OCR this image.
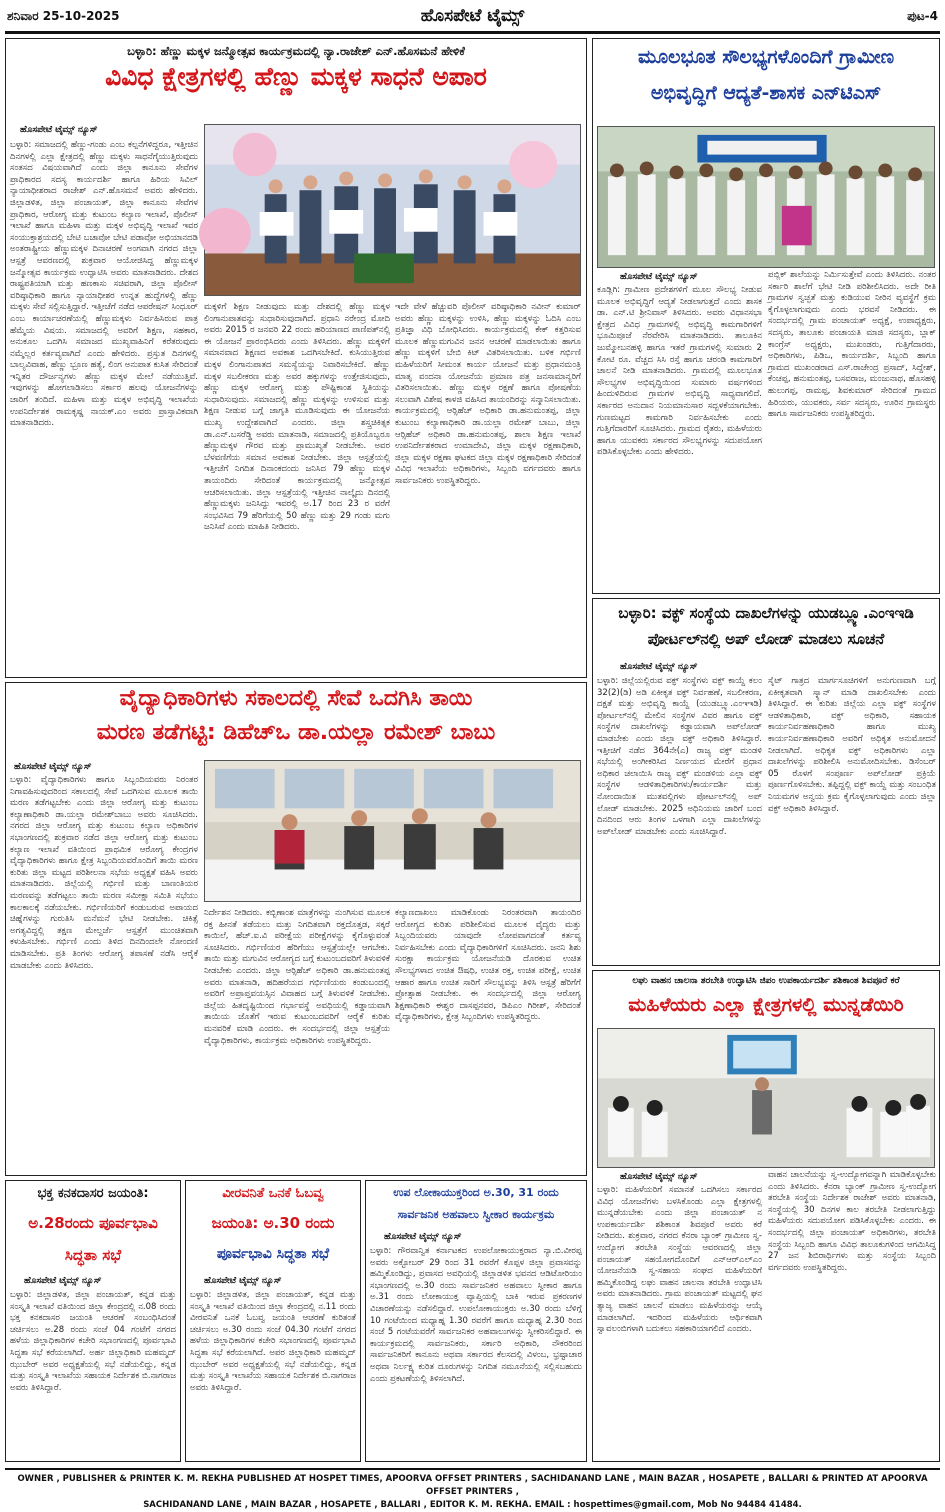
ಶನಿವಾರ 25-10-2025	ಹೊಸಪೇಟೆ ಟೈಮ್ಸ್	ಪುಟ-4
ಬಳ್ಳಾರಿ: ಹೆಣ್ಣು ಮಕ್ಕಳ ಜನ್ಮೋತ್ಸವ ಕಾರ್ಯಕ್ರಮದಲ್ಲಿ ನ್ಯಾ.ರಾಜೇಶ್ ಎನ್.ಹೊಸಮನೆ ಹೇಳಿಕೆ
ವಿವಿಧ ಕ್ಷೇತ್ರಗಳಲ್ಲಿ ಹೆಣ್ಣು ಮಕ್ಕಳ ಸಾಧನೆ ಅಪಾರ
ಹೊಸಪೇಟೆ ಟೈಮ್ಸ್ ನ್ಯೂಸ್
ಬಳ್ಳಾರಿ: ಸಮಾಜದಲ್ಲಿ ಹೆಣ್ಣು-ಗಂಡು ಎಂಬ ಕಲ್ಪನೆಗಳಿದ್ದರೂ, ಇತ್ತೀಚಿನ ದಿನಗಳಲ್ಲಿ ಎಲ್ಲಾ ಕ್ಷೇತ್ರದಲ್ಲಿ ಹೆಣ್ಣು ಮಕ್ಕಳು ಸಾಧನೆಗೈಯುತ್ತಿರುವುದು ಸಂತಸದ ವಿಷಯವಾಗಿದೆ ಎಂದು ಜಿಲ್ಲಾ ಕಾನೂನು ಸೇವೆಗಳ ಪ್ರಾಧಿಕಾರದ ಸದಸ್ಯ ಕಾರ್ಯದರ್ಶಿ ಹಾಗೂ ಹಿರಿಯ ಸಿವಿಲ್ ನ್ಯಾಯಾಧೀಶರಾದ ರಾಜೇಶ್ ಎನ್.ಹೊಸಮನೆ ಅವರು ಹೇಳಿದರು. ಜಿಲ್ಲಾಡಳಿತ, ಜಿಲ್ಲಾ ಪಂಚಾಯತ್, ಜಿಲ್ಲಾ ಕಾನೂನು ಸೇವೆಗಳ ಪ್ರಾಧಿಕಾರ, ಆರೋಗ್ಯ ಮತ್ತು ಕುಟುಂಬ ಕಲ್ಯಾಣ ಇಲಾಖೆ, ಪೊಲೀಸ್ ಇಲಾಖೆ ಹಾಗೂ ಮಹಿಳಾ ಮತ್ತು ಮಕ್ಕಳ ಅಭಿವೃದ್ಧಿ ಇಲಾಖೆ ಇವರ ಸಂಯುಕ್ತಾಶ್ರಯದಲ್ಲಿ ಬೇಟಿ ಬಚಾವೋ ಬೇಟಿ ಪಡಾವೋ ಅಭಿಯಾನದಡಿ ಅಂತರಾಷ್ಟ್ರೀಯ ಹೆಣ್ಣುಮಕ್ಕಳ ದಿನಾಚರಣೆ ಅಂಗವಾಗಿ ನಗರದ ಜಿಲ್ಲಾ ಆಸ್ಪತ್ರೆ ಆವರಣದಲ್ಲಿ ಶುಕ್ರವಾರ ಆಯೋಜಿಸಿದ್ದ ಹೆಣ್ಣುಮಕ್ಕಳ ಜನ್ಮೋತ್ಸವ ಕಾರ್ಯಕ್ರಮ ಉದ್ಘಾಟಿಸಿ ಅವರು ಮಾತನಾಡಿದರು. ದೇಶದ ರಾಷ್ಟ್ರಪತಿಯಾಗಿ ಮತ್ತು ಹಣಕಾಸು ಸಚಿವರಾಗಿ, ಜಿಲ್ಲಾ ಪೊಲೀಸ್ ವರಿಷ್ಠಾಧಿಕಾರಿ ಹಾಗೂ ನ್ಯಾಯಾಧೀಶರ ಉನ್ನತ ಹುದ್ದೆಗಳಲ್ಲಿ ಹೆಣ್ಣು ಮಕ್ಕಳು ಸೇವೆ ಸಲ್ಲಿಸುತ್ತಿದ್ದಾರೆ. ಇತ್ತೀಚೆಗೆ ನಡೆದ ಆಪರೇಷನ್ ಸಿಂಧೂರ್ ಎಂಬ ಕಾರ್ಯಾಚರಣೆಯಲ್ಲಿ ಹೆಣ್ಣುಮಕ್ಕಳು ನಿರ್ವಹಿಸಿರುವ ಪಾತ್ರ ಹೆಮ್ಮೆಯ ವಿಷಯ. ಸಮಾಜದಲ್ಲಿ ಅವರಿಗೆ ಶಿಕ್ಷಣ, ಸಹಕಾರ, ಅನುಕೂಲ ಒದಗಿಸಿ ಸಮಾಜದ ಮುಖ್ಯವಾಹಿನಿಗೆ ಕರೆತರುವುದು ನಮ್ಮೆಲ್ಲರ ಕರ್ತವ್ಯವಾಗಿದೆ ಎಂದು ಹೇಳಿದರು. ಪ್ರಸ್ತುತ ದಿನಗಳಲ್ಲಿ ಬಾಲ್ಯವಿವಾಹ, ಹೆಣ್ಣು ಭ್ರೂಣ ಹತ್ಯೆ, ಲಿಂಗ ಅನುಪಾತ ಕುಸಿತ ಸೇರಿದಂತೆ ಇನ್ನಿತರ ದೌರ್ಜನ್ಯಗಳು ಹೆಣ್ಣು ಮಕ್ಕಳ ಮೇಲೆ ನಡೆಯುತ್ತಿವೆ. ಇವುಗಳನ್ನು ಹೋಗಲಾಡಿಸಲು ಸರ್ಕಾರ ಹಲವು ಯೋಜನೆಗಳನ್ನು ಜಾರಿಗೆ ತಂದಿದೆ. ಮಹಿಳಾ ಮತ್ತು ಮಕ್ಕಳ ಅಭಿವೃದ್ಧಿ ಇಲಾಖೆಯ ಉಪನಿರ್ದೇಶಕ ರಾಮಕೃಷ್ಣ ನಾಯಕ್.ಎಂ ಅವರು ಪ್ರಾಸ್ತಾವಿಕವಾಗಿ ಮಾತನಾಡಿದರು.
ಮಕ್ಕಳಿಗೆ ಶಿಕ್ಷಣ ನೀಡುವುದು ಮತ್ತು ದೇಶದಲ್ಲಿ ಹೆಣ್ಣು ಮಕ್ಕಳ ಲಿಂಗಾನುಪಾತವನ್ನು ಸುಧಾರಿಸುವುದಾಗಿದೆ. ಪ್ರಧಾನಿ ನರೇಂದ್ರ ಮೋದಿ ಅವರು 2015 ರ ಜನವರಿ 22 ರಂದು ಹರಿಯಾಣದ ಪಾಣಿಪತ್‍ನಲ್ಲಿ ಈ ಯೋಜನೆ ಪ್ರಾರಂಭಿಸಿದರು ಎಂದು ತಿಳಿಸಿದರು. ಹೆಣ್ಣು ಮಕ್ಕಳಿಗೆ ಸಮಾನವಾದ ಶಿಕ್ಷಣದ ಅವಕಾಶ ಒದಗಿಸಬೇಕಿದೆ. ಕುಸಿಯುತ್ತಿರುವ ಮಕ್ಕಳ ಲಿಂಗಾನುಪಾತದ ಸಮಸ್ಯೆಯನ್ನು ನಿವಾರಿಸಬೇಕಿದೆ. ಹೆಣ್ಣು ಮಕ್ಕಳ ಸಬಲೀಕರಣ ಮತ್ತು ಅವರ ಹಕ್ಕುಗಳನ್ನು ಉತ್ತೇಜಿಸುವುದು, ಹೆಣ್ಣು ಮಕ್ಕಳ ಆರೋಗ್ಯ ಮತ್ತು ಪೌಷ್ಟಿಕಾಂಶ ಸ್ಥಿತಿಯನ್ನು ಸುಧಾರಿಸುವುದು. ಸಮಾಜದಲ್ಲಿ ಹೆಣ್ಣು ಮಕ್ಕಳನ್ನು ಉಳಿಸುವ ಮತ್ತು ಶಿಕ್ಷಣ ನೀಡುವ ಬಗ್ಗೆ ಜಾಗೃತಿ ಮೂಡಿಸುವುದು ಈ ಯೋಜನೆಯ ಮುಖ್ಯ ಉದ್ದೇಶವಾಗಿದೆ ಎಂದರು. ಜಿಲ್ಲಾ ಶಸ್ತ್ರಚಿಕಿತ್ಸಕ ಡಾ.ಎನ್.ಬಸರೆಡ್ಡಿ ಅವರು ಮಾತನಾಡಿ, ಸಮಾಜದಲ್ಲಿ ಪ್ರತಿಯೊಬ್ಬರೂ ಹೆಣ್ಣುಮಕ್ಕಳ ಗೌರವ ಮತ್ತು ಪ್ರಾಮುಖ್ಯತೆ ನೀಡಬೇಕು. ಅವರ ಬೆಳವಣಿಗೆಯ ಸಮಾನ ಅವಕಾಶ ನೀಡಬೇಕು. ಜಿಲ್ಲಾ ಆಸ್ಪತ್ರೆಯಲ್ಲಿ ಇತ್ತೀಚೆಗೆ ನಿಗದಿತ ದಿನಾಂಕದಂದು ಜನಿಸಿದ 79 ಹೆಣ್ಣು ಮಕ್ಕಳ ತಾಯಂದಿರು ಸೇರಿದಂತೆ ಕಾರ್ಯಕ್ರಮದಲ್ಲಿ ಜನ್ಮೋತ್ಸವ ಆಚರಿಸಲಾಯಿತು. ಜಿಲ್ಲಾ ಆಸ್ಪತ್ರೆಯಲ್ಲಿ ಇತ್ತೀಚಿನ ನಾಲ್ಕೈದು ದಿನದಲ್ಲಿ ಹೆಣ್ಣುಮಕ್ಕಳು ಜನಿಸಿದ್ದು ಇವರಲ್ಲಿ ಅ.17 ರಿಂದ 23 ರ ವರೆಗೆ ಸಂಭವಿಸಿದ 79 ಹೆರಿಗೆಯಲ್ಲಿ 50 ಹೆಣ್ಣು ಮತ್ತು 29 ಗಂಡು ಮಗು ಜನಿಸಿವೆ ಎಂದು ಮಾಹಿತಿ ನೀಡಿದರು.
ಇದೇ ವೇಳೆ ಹೆಚ್ಚುವರಿ ಪೊಲೀಸ್ ವರಿಷ್ಠಾಧಿಕಾರಿ ನವೀನ್ ಕುಮಾರ್ ಅವರು ಹೆಣ್ಣು ಮಕ್ಕಳನ್ನು ಉಳಿಸಿ, ಹೆಣ್ಣು ಮಕ್ಕಳನ್ನು ಓದಿಸಿ ಎಂಬ ಪ್ರತಿಜ್ಞಾ ವಿಧಿ ಬೋಧಿಸಿದರು. ಕಾರ್ಯಕ್ರಮದಲ್ಲಿ ಕೇಕ್ ಕತ್ತರಿಸುವ ಮೂಲಕ ಹೆಣ್ಣುಮಗುವಿನ ಜನನ ಆಚರಣೆ ಮಾಡಲಾಯಿತು ಹಾಗೂ ಹೆಣ್ಣು ಮಕ್ಕಳಿಗೆ ಬೇಬಿ ಕಿಟ್ ವಿತರಿಸಲಾಯಿತು. ಬಳಿಕ ಗರ್ಭಿಣಿ ಮಹಿಳೆಯರಿಗೆ ಸೀಮಂತ ಕಾರ್ಯ ಯೋಜನೆ ಮತ್ತು ಪ್ರಧಾನಮಂತ್ರಿ ಮಾತೃ ವಂದನಾ ಯೋಜನೆಯ ಪ್ರಮಾಣ ಪತ್ರ ಜನಸಾಮಾನ್ಯರಿಗೆ ವಿತರಿಸಲಾಯಿತು. ಹೆಣ್ಣು ಮಕ್ಕಳ ರಕ್ಷಣೆ ಹಾಗೂ ಪೋಷಣೆಯ ಸಲುವಾಗಿ ವಿಶೇಷ ಕಾಳಜಿ ವಹಿಸಿದ ತಾಯಂದಿರನ್ನು ಸನ್ಮಾನಿಸಲಾಯಿತು. ಕಾರ್ಯಕ್ರಮದಲ್ಲಿ ಆರ್‍ಸಿಹೆಚ್ ಅಧಿಕಾರಿ ಡಾ.ಹನುಮಂತಪ್ಪ, ಜಿಲ್ಲಾ ಕುಟುಂಬ ಕಲ್ಯಾಣಾಧಿಕಾರಿ ಡಾ.ಯಲ್ಲಾ ರಮೇಶ್ ಬಾಬು, ಜಿಲ್ಲಾ ಆರ್‍ಸಿಹೆಚ್ ಅಧಿಕಾರಿ ಡಾ.ಹನುಮಂತಪ್ಪ, ಶಾಲಾ ಶಿಕ್ಷಣ ಇಲಾಖೆ ಉಪನಿರ್ದೇಶಕರಾದ ಉಮಾದೇವಿ, ಜಿಲ್ಲಾ ಮಕ್ಕಳ ರಕ್ಷಣಾಧಿಕಾರಿ, ಜಿಲ್ಲಾ ಮಕ್ಕಳ ರಕ್ಷಣಾ ಘಟಕದ ಜಿಲ್ಲಾ ಮಕ್ಕಳ ರಕ್ಷಣಾಧಿಕಾರಿ ಸೇರಿದಂತೆ ವಿವಿಧ ಇಲಾಖೆಯ ಅಧಿಕಾರಿಗಳು, ಸಿಬ್ಬಂದಿ ವರ್ಗದವರು ಹಾಗೂ ಸಾರ್ವಜನಿಕರು ಉಪಸ್ಥಿತರಿದ್ದರು.
ಮೂಲಭೂತ ಸೌಲಭ್ಯಗಳೊಂದಿಗೆ ಗ್ರಾಮೀಣ
ಅಭಿವೃದ್ಧಿಗೆ ಆದ್ಯತೆ-ಶಾಸಕ ಎನ್‍ಟಿಎಸ್
ಹೊಸಪೇಟೆ ಟೈಮ್ಸ್ ನ್ಯೂಸ್
ಕೂಡ್ಲಿಗಿ: ಗ್ರಾಮೀಣ ಪ್ರದೇಶಗಳಿಗೆ ಮೂಲ ಸೌಲಭ್ಯ ನೀಡುವ ಮೂಲಕ ಅಭಿವೃದ್ಧಿಗೆ ಆದ್ಯತೆ ನೀಡಲಾಗುತ್ತದೆ ಎಂದು ಶಾಸಕ ಡಾ. ಎನ್.ಟಿ ಶ್ರೀನಿವಾಸ್ ತಿಳಿಸಿದರು. ಅವರು ವಿಧಾನಸಭಾ ಕ್ಷೇತ್ರದ ವಿವಿಧ ಗ್ರಾಮಗಳಲ್ಲಿ ಅಭಿವೃದ್ಧಿ ಕಾಮಗಾರಿಗಳಿಗೆ ಭೂಮಿಪೂಜೆ ನೆರವೇರಿಸಿ ಮಾತನಾಡಿದರು. ತಾಲೂಕಿನ ಜುಮ್ಮೋಬನಹಳ್ಳಿ ಹಾಗೂ ಇತರೆ ಗ್ರಾಮಗಳಲ್ಲಿ ಸುಮಾರು 2 ಕೋಟಿ ರೂ. ವೆಚ್ಚದ ಸಿಸಿ ರಸ್ತೆ ಹಾಗೂ ಚರಂಡಿ ಕಾಮಗಾರಿಗೆ ಚಾಲನೆ ನೀಡಿ ಮಾತನಾಡಿದರು. ಗ್ರಾಮದಲ್ಲಿ ಮೂಲಭೂತ ಸೌಲಭ್ಯಗಳ ಅಭಿವೃದ್ಧಿಯಿಂದ ಸುಮಾರು ವರ್ಷಗಳಿಂದ ಹಿಂದುಳಿದಿರುವ ಗ್ರಾಮಗಳ ಅಭಿವೃದ್ಧಿ ಸಾಧ್ಯವಾಗಲಿದೆ. ಸರ್ಕಾರದ ಅನುದಾನ ನಿಯಮಾನುಸಾರ ಸದ್ಬಳಕೆಯಾಗಬೇಕು. ಗುಣಮಟ್ಟದ ಕಾಮಗಾರಿ ನಿರ್ವಹಿಸಬೇಕು ಎಂದು ಗುತ್ತಿಗೆದಾರರಿಗೆ ಸೂಚಿಸಿದರು. ಗ್ರಾಮದ ರೈತರು, ಮಹಿಳೆಯರು ಹಾಗೂ ಯುವಕರು ಸರ್ಕಾರದ ಸೌಲಭ್ಯಗಳನ್ನು ಸದುಪಯೋಗ ಪಡಿಸಿಕೊಳ್ಳಬೇಕು ಎಂದು ಹೇಳಿದರು.
ಪಬ್ಲಿಕ್ ಶಾಲೆಯನ್ನು ನಿರ್ಮಿಸುತ್ತೇವೆ ಎಂದು ತಿಳಿಸಿದರು. ನಂತರ ಸರ್ಕಾರಿ ಶಾಲೆಗೆ ಭೇಟಿ ನೀಡಿ ಪರಿಶೀಲಿಸಿದರು. ಅದೇ ರೀತಿ ಗ್ರಾಮಗಳ ಸ್ವಚ್ಛತೆ ಮತ್ತು ಕುಡಿಯುವ ನೀರಿನ ವ್ಯವಸ್ಥೆಗೆ ಕ್ರಮ ಕೈಗೊಳ್ಳಲಾಗುವುದು ಎಂದು ಭರವಸೆ ನೀಡಿದರು. ಈ ಸಂದರ್ಭದಲ್ಲಿ ಗ್ರಾಮ ಪಂಚಾಯತ್ ಅಧ್ಯಕ್ಷೆ, ಉಪಾಧ್ಯಕ್ಷರು, ಸದಸ್ಯರು, ತಾಲೂಕು ಪಂಚಾಯತಿ ಮಾಜಿ ಸದಸ್ಯರು, ಬ್ಲಾಕ್ ಕಾಂಗ್ರೆಸ್ ಅಧ್ಯಕ್ಷರು, ಮುಖಂಡರು, ಗುತ್ತಿಗೆದಾರರು, ಅಧಿಕಾರಿಗಳು, ಪಿಡಿಒ, ಕಾರ್ಯದರ್ಶಿ, ಸಿಬ್ಬಂದಿ ಹಾಗೂ ಗ್ರಾಮದ ಮುಖಂಡರಾದ ಎಸ್.ರಾಜೇಂದ್ರ ಪ್ರಸಾದ್, ಸಿದ್ದೇಶ್, ಕೆಂಚಪ್ಪ, ಹನುಮಂತಪ್ಪ, ಬಸವರಾಜ, ಮಂಜುನಾಥ, ಹೊಸಹಳ್ಳಿ ಹುಲುಗಪ್ಪ, ರಾಮಪ್ಪ, ಶಿವಕುಮಾರ್ ಸೇರಿದಂತೆ ಗ್ರಾಮದ ಹಿರಿಯರು, ಯುವಕರು, ಸರ್ವ ಸದಸ್ಯರು, ಊರಿನ ಗ್ರಾಮಸ್ಥರು ಹಾಗೂ ಸಾರ್ವಜನಿಕರು ಉಪಸ್ಥಿತರಿದ್ದರು.
ಬಳ್ಳಾರಿ: ವಕ್ಫ್ ಸಂಸ್ಥೆಯ ದಾಖಲೆಗಳನ್ನು ಯುಡಬ್ಲ್ಯೂ.ಎಂಇಇಡಿ
ಪೋರ್ಟಲ್‍ನಲ್ಲಿ ಅಪ್ ಲೋಡ್ ಮಾಡಲು ಸೂಚನೆ
ಹೊಸಪೇಟೆ ಟೈಮ್ಸ್ ನ್ಯೂಸ್
ಬಳ್ಳಾರಿ: ಜಿಲ್ಲೆಯಲ್ಲಿರುವ ವಕ್ಫ್ ಸಂಸ್ಥೆಗಳು ವಕ್ಫ್ ಕಾಯ್ದೆ ಕಲಂ 32(2)(ಡಿ) ಅಡಿ ಏಕೀಕೃತ ವಕ್ಫ್ ನಿರ್ವಹಣೆ, ಸಬಲೀಕರಣ, ದಕ್ಷತೆ ಮತ್ತು ಅಭಿವೃದ್ಧಿ ಕಾಯ್ದೆ (ಯುಡಬ್ಲ್ಯೂ.ಎಂಇಇಡಿ) ಪೋರ್ಟಲ್‍ನಲ್ಲಿ ಮೇಲಿನ ಸಂಸ್ಥೆಗಳ ವಿವರ ಹಾಗೂ ವಕ್ಫ್ ಸಂಸ್ಥೆಗಳ ದಾಖಲೆಗಳನ್ನು ಕಡ್ಡಾಯವಾಗಿ ಅಪ್‍ಲೋಡ್ ಮಾಡಬೇಕು ಎಂದು ಜಿಲ್ಲಾ ವಕ್ಫ್ ಅಧಿಕಾರಿ ತಿಳಿಸಿದ್ದಾರೆ. ಇತ್ತೀಚಿಗೆ ನಡೆದ 364ನೇ(ಎ) ರಾಜ್ಯ ವಕ್ಫ್ ಮಂಡಳಿ ಸಭೆಯಲ್ಲಿ ಅಂಗೀಕರಿಸಿದ ನಿರ್ಣಯದ ಮೇರೆಗೆ ಪ್ರಧಾನ ಅಧಿಕಾರ ಚಲಾಯಿಸಿ ರಾಜ್ಯ ವಕ್ಫ್ ಮಂಡಳಿಯ ಎಲ್ಲಾ ವಕ್ಫ್ ಸಂಸ್ಥೆಗಳ ಆಡಳಿತಾಧಿಕಾರಿಗಳು/ಕಾರ್ಯದರ್ಶಿ ಮತ್ತು ನೋಂದಾಯಿತ ಮುತವಲ್ಲಿಗಳು ಪೋರ್ಟಲ್‍ನಲ್ಲಿ ಅಪ್ ಲೋಡ್ ಮಾಡಬೇಕು. 2025 ಅಧಿನಿಯಮ ಜಾರಿಗೆ ಬಂದ ದಿನದಿಂದ ಆರು ತಿಂಗಳ ಒಳಗಾಗಿ ಎಲ್ಲಾ ದಾಖಲೆಗಳನ್ನು ಅಪ್‍ಲೋಡ್ ಮಾಡಬೇಕು ಎಂದು ಸೂಚಿಸಿದ್ದಾರೆ.
ಸೈಟ್ ಗಾತ್ರದ ಮಾರ್ಗಸೂಚಿಗಳಿಗೆ ಅನುಗುಣವಾಗಿ ಬಗ್ಗೆ ಏಕೀಕೃತವಾಗಿ ಸ್ಕ್ಯಾನ್ ಮಾಡಿ ದಾಖಲಿಸಬೇಕು ಎಂದು ತಿಳಿಸಿದ್ದಾರೆ. ಈ ಕುರಿತು ಜಿಲ್ಲೆಯ ಎಲ್ಲಾ ವಕ್ಫ್ ಸಂಸ್ಥೆಗಳ ಆಡಳಿತಾಧಿಕಾರಿ, ವಕ್ಫ್ ಅಧಿಕಾರಿ, ಸಹಾಯಕ ಕಾರ್ಯನಿರ್ವಹಣಾಧಿಕಾರಿ ಹಾಗೂ ಮುಖ್ಯ ಕಾರ್ಯನಿರ್ವಹಣಾಧಿಕಾರಿ ಅವರಿಗೆ ಅಧಿಕೃತ ಅನುಮೋದನೆ ನೀಡಲಾಗಿದೆ. ಅಧಿಕೃತ ವಕ್ಫ್ ಅಧಿಕಾರಿಗಳು ಎಲ್ಲಾ ದಾಖಲೆಗಳನ್ನು ಪರಿಶೀಲಿಸಿ ಅನುಮೋದಿಸಬೇಕು. ಡಿಸೆಂಬರ್ 05 ರೊಳಗೆ ಸಂಪೂರ್ಣ ಅಪ್‍ಲೋಡ್ ಪ್ರಕ್ರಿಯೆ ಪೂರ್ಣಗೊಳಿಸಬೇಕು. ತಪ್ಪಿದ್ದಲ್ಲಿ ವಕ್ಫ್ ಕಾಯ್ದೆ ಮತ್ತು ಸಂಬಂಧಿತ ನಿಯಮಗಳ ಅನ್ವಯ ಕ್ರಮ ಕೈಗೊಳ್ಳಲಾಗುವುದು ಎಂದು ಜಿಲ್ಲಾ ವಕ್ಫ್ ಅಧಿಕಾರಿ ತಿಳಿಸಿದ್ದಾರೆ.
ವೈದ್ಯಾಧಿಕಾರಿಗಳು ಸಕಾಲದಲ್ಲಿ ಸೇವೆ ಒದಗಿಸಿ ತಾಯಿ
ಮರಣ ತಡೆಗಟ್ಟಿ: ಡಿಹೆಚ್‍ಒ ಡಾ.ಯಲ್ಲಾ ರಮೇಶ್ ಬಾಬು
ಹೊಸಪೇಟೆ ಟೈಮ್ಸ್ ನ್ಯೂಸ್
ಬಳ್ಳಾರಿ: ವೈದ್ಯಾಧಿಕಾರಿಗಳು ಹಾಗೂ ಸಿಬ್ಬಂದಿಯವರು ನಿರಂತರ ನಿಗಾವಹಿಸುವುದರಿಂದ ಸಕಾಲದಲ್ಲಿ ಸೇವೆ ಒದಗಿಸುವ ಮೂಲಕ ತಾಯಿ ಮರಣ ತಡೆಗಟ್ಟಬೇಕು ಎಂದು ಜಿಲ್ಲಾ ಆರೋಗ್ಯ ಮತ್ತು ಕುಟುಂಬ ಕಲ್ಯಾಣಾಧಿಕಾರಿ ಡಾ.ಯಲ್ಲಾ ರಮೇಶ್‍ಬಾಬು ಅವರು ಸೂಚಿಸಿದರು. ನಗರದ ಜಿಲ್ಲಾ ಆರೋಗ್ಯ ಮತ್ತು ಕುಟುಂಬ ಕಲ್ಯಾಣ ಅಧಿಕಾರಿಗಳ ಸಭಾಂಗಣದಲ್ಲಿ ಶುಕ್ರವಾರ ನಡೆದ ಜಿಲ್ಲಾ ಆರೋಗ್ಯ ಮತ್ತು ಕುಟುಂಬ ಕಲ್ಯಾಣ ಇಲಾಖೆ ವತಿಯಿಂದ ಪ್ರಾಥಮಿಕ ಆರೋಗ್ಯ ಕೇಂದ್ರಗಳ ವೈದ್ಯಾಧಿಕಾರಿಗಳು ಹಾಗೂ ಕ್ಷೇತ್ರ ಸಿಬ್ಬಂದಿಯವರೊಂದಿಗೆ ತಾಯಿ ಮರಣ ಕುರಿತು ಜಿಲ್ಲಾ ಮಟ್ಟದ ಪರಿಶೀಲನಾ ಸಭೆಯ ಅಧ್ಯಕ್ಷತೆ ವಹಿಸಿ ಅವರು ಮಾತನಾಡಿದರು. ಜಿಲ್ಲೆಯಲ್ಲಿ ಗರ್ಭಿಣಿ ಮತ್ತು ಬಾಣಂತಿಯರ ಮರಣವನ್ನು ತಡೆಗಟ್ಟಲು ತಾಯಿ ಮರಣ ಸಮೀಕ್ಷಾ ಸಮಿತಿ ಸಭೆಯು ಕಾಲಕಾಲಕ್ಕೆ ನಡೆಯಬೇಕು. ಗರ್ಭಿಣಿಯರಿಗೆ ಕಂಡುಬರುವ ಅಪಾಯದ ಚಿಹ್ನೆಗಳನ್ನು ಗುರುತಿಸಿ ಮನೆಮನೆ ಭೇಟಿ ನೀಡಬೇಕು. ಚಿಕಿತ್ಸೆ ಅಗತ್ಯವಿದ್ದಲ್ಲಿ ತಕ್ಷಣ ಮೇಲ್ದರ್ಜೆ ಆಸ್ಪತ್ರೆಗೆ ಮುಂಚಿತವಾಗಿ ಕಳುಹಿಸಬೇಕು. ಗರ್ಭಿಣಿ ಎಂದು ತಿಳಿದ ದಿನದಿಂದಲೇ ನೋಂದಣಿ ಮಾಡಿಸಬೇಕು. ಪ್ರತಿ ತಿಂಗಳು ಆರೋಗ್ಯ ತಪಾಸಣೆ ನಡೆಸಿ ಆರೈಕೆ ಮಾಡಬೇಕು ಎಂದು ತಿಳಿಸಿದರು.
ನಿರ್ದೇಶನ ನೀಡಿದರು. ಕಬ್ಬಿಣಾಂಶ ಮಾತ್ರೆಗಳನ್ನು ನುಂಗಿಸುವ ಮೂಲಕ ರಕ್ತ ಹೀನತೆ ತಡೆಯಲು ಮತ್ತು ನಿಗದಿತವಾಗಿ ರಕ್ತದೊತ್ತಡ, ಸಕ್ಕರೆ ಕಾಯಿಲೆ, ಹೆಚ್.ಐ.ವಿ ಪರೀಕ್ಷೆಯ ಪರೀಕ್ಷೆಗಳನ್ನು ಕೈಗೊಳ್ಳುವಂತೆ ಸೂಚಿಸಿದರು. ಗರ್ಭಿಣಿಯರ ಹೆರಿಗೆಯು ಆಸ್ಪತ್ರೆಯಲ್ಲೇ ಆಗಬೇಕು. ತಾಯಿ ಮತ್ತು ಮಗುವಿನ ಆರೋಗ್ಯದ ಬಗ್ಗೆ ಕುಟುಂಬದವರಿಗೆ ತಿಳುವಳಿಕೆ ನೀಡಬೇಕು ಎಂದರು. ಜಿಲ್ಲಾ ಆರ್‍ಸಿಹೆಚ್ ಅಧಿಕಾರಿ ಡಾ.ಹನುಮಂತಪ್ಪ ಅವರು ಮಾತನಾಡಿ, ಹದಿಹರೆಯದ ಗರ್ಭಿಣಿಯರು ಕಂಡುಬಂದಲ್ಲಿ ಅವರಿಗೆ ಅಪ್ರಾಪ್ತವಯಸ್ಸಿನ ವಿವಾಹದ ಬಗ್ಗೆ ತಿಳುವಳಿಕೆ ನೀಡಬೇಕು. ಜಿಲ್ಲೆಯ ಹಿತದೃಷ್ಟಿಯಿಂದ ಗರ್ಭಾವಸ್ಥೆ ಅವಧಿಯಲ್ಲಿ ಕಡ್ಡಾಯವಾಗಿ ತಾಯಿಯ ಜೊತೆಗೆ ಇರುವ ಕುಟುಂಬದವರಿಗೆ ಆರೈಕೆ ಕುರಿತು ಮನವರಿಕೆ ಮಾಡಿ ಎಂದರು. ಈ ಸಂದರ್ಭದಲ್ಲಿ ಜಿಲ್ಲಾ ಆಸ್ಪತ್ರೆಯ ವೈದ್ಯಾಧಿಕಾರಿಗಳು, ಕಾರ್ಯಕ್ರಮ ಅಧಿಕಾರಿಗಳು ಉಪಸ್ಥಿತರಿದ್ದರು.
ಕಲ್ಯಾಣದಾಖಲು ಮಾಡಿಕೊಂಡು ನಿರಂತರವಾಗಿ ತಾಯಂದಿರ ಆರೋಗ್ಯದ ಕುರಿತು ಪರಿಶೀಲಿಸುವ ಮೂಲಕ ವೈದ್ಯರು ಮತ್ತು ಸಿಬ್ಬಂದಿಯವರು ಯಾವುದೇ ಲೋಪವಾಗದಂತೆ ಕರ್ತವ್ಯ ನಿರ್ವಹಿಸಬೇಕು ಎಂದು ವೈದ್ಯಾಧಿಕಾರಿಗಳಿಗೆ ಸೂಚಿಸಿದರು. ಜನನಿ ಶಿಶು ಸುರಕ್ಷಾ ಕಾರ್ಯಕ್ರಮ ಯೋಜನೆಯಡಿ ದೊರಕುವ ಉಚಿತ ಸೌಲಭ್ಯಗಳಾದ ಉಚಿತ ಔಷಧಿ, ಉಚಿತ ರಕ್ತ, ಉಚಿತ ಪರೀಕ್ಷೆ, ಉಚಿತ ಆಹಾರ ಹಾಗೂ ಉಚಿತ ಸಾರಿಗೆ ಸೌಲಭ್ಯವನ್ನು ತಿಳಿಸಿ ಆಸ್ಪತ್ರೆ ಹೆರಿಗೆಗೆ ಪ್ರೋತ್ಸಾಹ ನೀಡಬೇಕು. ಈ ಸಂದರ್ಭದಲ್ಲಿ ಜಿಲ್ಲಾ ಆರೋಗ್ಯ ಶಿಕ್ಷಣಾಧಿಕಾರಿ ಈಶ್ವರ ದಾಸಪ್ಪನವರ, ಡಿಪಿಎಂ ಗಿರೀಶ್, ಸೇರಿದಂತೆ ವೈದ್ಯಾಧಿಕಾರಿಗಳು, ಕ್ಷೇತ್ರ ಸಿಬ್ಬಂದಿಗಳು ಉಪಸ್ಥಿತರಿದ್ದರು.
ಲಘು ವಾಹನ ಚಾಲನಾ ತರಬೇತಿ ಉದ್ಘಾಟಿಸಿ ಜಿಪಂ ಉಪಕಾರ್ಯದರ್ಶಿ ಶಶಿಕಾಂತ ಶಿವಪೂರೆ ಕರೆ
ಮಹಿಳೆಯರು ಎಲ್ಲಾ ಕ್ಷೇತ್ರಗಳಲ್ಲಿ ಮುನ್ನಡೆಯಿರಿ
ಹೊಸಪೇಟೆ ಟೈಮ್ಸ್ ನ್ಯೂಸ್
ಬಳ್ಳಾರಿ: ಮಹಿಳೆಯರಿಗೆ ಸಮಾನತೆ ಒದಗಿಸಲು ಸರ್ಕಾರದ ವಿವಿಧ ಯೋಜನೆಗಳು ಬಳಸಿಕೊಂಡು ಎಲ್ಲಾ ಕ್ಷೇತ್ರಗಳಲ್ಲಿ ಮುನ್ನಡೆಯಬೇಕು ಎಂದು ಜಿಲ್ಲಾ ಪಂಚಾಯತ್ ನ ಉಪಕಾರ್ಯದರ್ಶಿ ಶಶಿಕಾಂತ ಶಿವಪೂರೆ ಅವರು ಕರೆ ನೀಡಿದರು. ಶುಕ್ರವಾರ, ನಗರದ ಕೆನರಾ ಬ್ಯಾಂಕ್ ಗ್ರಾಮೀಣ ಸ್ವ-ಉದ್ಯೋಗ ತರಬೇತಿ ಸಂಸ್ಥೆಯ ಆವರಣದಲ್ಲಿ ಜಿಲ್ಲಾ ಪಂಚಾಯತ್ ಸಹಯೋಗದೊಂದಿಗೆ ಎನ್‍ಆರ್‍ಎಲ್‍ಎಂ ಯೋಜನೆಯಡಿ ಸ್ವ-ಸಹಾಯ ಸಂಘದ ಮಹಿಳೆಯರಿಗೆ ಹಮ್ಮಿಕೊಂಡಿದ್ದ ಲಘು ವಾಹನ ಚಾಲನಾ ತರಬೇತಿ ಉದ್ಘಾಟಿಸಿ ಅವರು ಮಾತನಾಡಿದರು. ಗ್ರಾಮ ಪಂಚಾಯತ್ ಮಟ್ಟದಲ್ಲಿ ಘನ ತ್ಯಾಜ್ಯ ವಾಹನ ಚಾಲನೆ ಮಾಡಲು ಮಹಿಳೆಯರನ್ನು ಆಯ್ಕೆ ಮಾಡಲಾಗಿದೆ. ಇದರಿಂದ ಮಹಿಳೆಯರು ಆರ್ಥಿಕವಾಗಿ ಸ್ವಾವಲಂಬಿಗಳಾಗಿ ಬದುಕಲು ಸಹಕಾರಿಯಾಗಲಿದೆ ಎಂದರು.
ವಾಹನ ಚಾಲನೆಯನ್ನು ಸ್ವ-ಉದ್ಯೋಗವನ್ನಾಗಿ ಮಾಡಿಕೊಳ್ಳಬೇಕು ಎಂದು ತಿಳಿಸಿದರು. ಕೆನರಾ ಬ್ಯಾಂಕ್ ಗ್ರಾಮೀಣ ಸ್ವ-ಉದ್ಯೋಗ ತರಬೇತಿ ಸಂಸ್ಥೆಯ ನಿರ್ದೇಶಕ ರಾಜೇಶ್ ಅವರು ಮಾತನಾಡಿ, ಸಂಸ್ಥೆಯಲ್ಲಿ 30 ದಿನಗಳ ಕಾಲ ತರಬೇತಿ ನೀಡಲಾಗುತ್ತಿದ್ದು ಮಹಿಳೆಯರು ಸದುಪಯೋಗ ಪಡಿಸಿಕೊಳ್ಳಬೇಕು ಎಂದರು. ಈ ಸಂದರ್ಭದಲ್ಲಿ ಜಿಲ್ಲಾ ಪಂಚಾಯತ್ ಅಧಿಕಾರಿಗಳು, ತರಬೇತಿ ಸಂಸ್ಥೆಯ ಸಿಬ್ಬಂದಿ ಹಾಗೂ ವಿವಿಧ ತಾಲೂಕುಗಳಿಂದ ಆಗಮಿಸಿದ್ದ 27 ಜನ ಶಿಬಿರಾರ್ಥಿಗಳು ಮತ್ತು ಸಂಸ್ಥೆಯ ಸಿಬ್ಬಂದಿ ವರ್ಗದವರು ಉಪಸ್ಥಿತರಿದ್ದರು.
ಭಕ್ತ ಕನಕದಾಸರ ಜಯಂತಿ:
ಅ.28ರಂದು ಪೂರ್ವಭಾವಿ
ಸಿದ್ಧತಾ ಸಭೆ
ಹೊಸಪೇಟೆ ಟೈಮ್ಸ್ ನ್ಯೂಸ್
ಬಳ್ಳಾರಿ: ಜಿಲ್ಲಾಡಳಿತ, ಜಿಲ್ಲಾ ಪಂಚಾಯತ್, ಕನ್ನಡ ಮತ್ತು ಸಂಸ್ಕೃತಿ ಇಲಾಖೆ ವತಿಯಿಂದ ಜಿಲ್ಲಾ ಕೇಂದ್ರದಲ್ಲಿ ನ.08 ರಂದು ಭಕ್ತ ಕನಕದಾಸರ ಜಯಂತಿ ಆಚರಣೆ ಸಂಬಂಧಿಸಿದಂತೆ ಚರ್ಚಿಸಲು ಅ.28 ರಂದು ಸಂಜೆ 04 ಗಂಟೆಗೆ ನಗರದ ಹಳೆಯ ಜಿಲ್ಲಾಧಿಕಾರಿಗಳ ಕಚೇರಿ ಸಭಾಂಗಣದಲ್ಲಿ ಪೂರ್ವಭಾವಿ ಸಿದ್ಧತಾ ಸಭೆ ಕರೆಯಲಾಗಿದೆ. ಅರ್ಹ ಜಿಲ್ಲಾಧಿಕಾರಿ ಮಹಮ್ಮದ್ ಝುಬೇರ್ ಅವರ ಅಧ್ಯಕ್ಷತೆಯಲ್ಲಿ ಸಭೆ ನಡೆಯಲಿದ್ದು, ಕನ್ನಡ ಮತ್ತು ಸಂಸ್ಕೃತಿ ಇಲಾಖೆಯ ಸಹಾಯಕ ನಿರ್ದೇಶಕ ಬಿ.ನಾಗರಾಜ ಅವರು ತಿಳಿಸಿದ್ದಾರೆ.
ವೀರವನಿತೆ ಒನಕೆ ಓಬವ್ವ
ಜಯಂತಿ: ಅ.30 ರಂದು
ಪೂರ್ವಭಾವಿ ಸಿದ್ಧತಾ ಸಭೆ
ಹೊಸಪೇಟೆ ಟೈಮ್ಸ್ ನ್ಯೂಸ್
ಬಳ್ಳಾರಿ: ಜಿಲ್ಲಾಡಳಿತ, ಜಿಲ್ಲಾ ಪಂಚಾಯತ್, ಕನ್ನಡ ಮತ್ತು ಸಂಸ್ಕೃತಿ ಇಲಾಖೆ ವತಿಯಿಂದ ಜಿಲ್ಲಾ ಕೇಂದ್ರದಲ್ಲಿ ನ.11 ರಂದು ವೀರವನಿತೆ ಒನಕೆ ಓಬವ್ವ ಜಯಂತಿ ಆಚರಣೆ ಕುರಿತಂತೆ ಚರ್ಚಿಸಲು ಅ.30 ರಂದು ಸಂಜೆ 04.30 ಗಂಟೆಗೆ ನಗರದ ಹಳೆಯ ಜಿಲ್ಲಾಧಿಕಾರಿಗಳ ಕಚೇರಿ ಸಭಾಂಗಣದಲ್ಲಿ ಪೂರ್ವಭಾವಿ ಸಿದ್ಧತಾ ಸಭೆ ಕರೆಯಲಾಗಿದೆ. ಅಪರ ಜಿಲ್ಲಾಧಿಕಾರಿ ಮಹಮ್ಮದ್ ಝುಬೇರ್ ಅವರ ಅಧ್ಯಕ್ಷತೆಯಲ್ಲಿ ಸಭೆ ನಡೆಯಲಿದ್ದು, ಕನ್ನಡ ಮತ್ತು ಸಂಸ್ಕೃತಿ ಇಲಾಖೆಯ ಸಹಾಯಕ ನಿರ್ದೇಶಕ ಬಿ.ನಾಗರಾಜ ಅವರು ತಿಳಿಸಿದ್ದಾರೆ.
ಉಪ ಲೋಕಾಯುಕ್ತರಿಂದ ಅ.30, 31 ರಂದು
ಸಾರ್ವಜನಿಕ ಅಹವಾಲು ಸ್ವೀಕಾರ ಕಾರ್ಯಕ್ರಮ
ಹೊಸಪೇಟೆ ಟೈಮ್ಸ್ ನ್ಯೂಸ್
ಬಳ್ಳಾರಿ: ಗೌರವಾನ್ವಿತ ಕರ್ನಾಟಕದ ಉಪಲೋಕಾಯುಕ್ತರಾದ ನ್ಯಾ.ಬಿ.ವೀರಪ್ಪ ಅವರು ಅಕ್ಟೋಬರ್ 29 ರಿಂದ 31 ರವರೆಗೆ ಕೊಪ್ಪಳ ಜಿಲ್ಲಾ ಪ್ರವಾಸವನ್ನು ಹಮ್ಮಿಕೊಂಡಿದ್ದು, ಪ್ರವಾಸದ ಅವಧಿಯಲ್ಲಿ ಜಿಲ್ಲಾಡಳಿತ ಭವನದ ಆಡಿಟೋರಿಯಂ ಸಭಾಂಗಣದಲ್ಲಿ ಅ.30 ರಂದು ಸಾರ್ವಜನಿಕರ ಅಹವಾಲು ಸ್ವೀಕಾರ ಹಾಗೂ ಅ.31 ರಂದು ಲೋಕಾಯುಕ್ತ ವ್ಯಾಪ್ತಿಯಲ್ಲಿ ಬಾಕಿ ಇರುವ ಪ್ರಕರಣಗಳ ವಿಚಾರಣೆಯನ್ನು ನಡೆಸಲಿದ್ದಾರೆ. ಉಪಲೋಕಾಯುಕ್ತರು ಅ.30 ರಂದು ಬೆಳಿಗ್ಗೆ 10 ಗಂಟೆಯಿಂದ ಮಧ್ಯಾಹ್ನ 1.30 ರವರೆಗೆ ಹಾಗೂ ಮಧ್ಯಾಹ್ನ 2.30 ರಿಂದ ಸಂಜೆ 5 ಗಂಟೆಯವರೆಗೆ ಸಾರ್ವಜನಿಕರ ಅಹವಾಲುಗಳನ್ನು ಸ್ವೀಕರಿಸಲಿದ್ದಾರೆ. ಈ ಕಾರ್ಯಕ್ರಮದಲ್ಲಿ ಸಾರ್ವಜನಿಕರು, ಸರ್ಕಾರಿ ಅಧಿಕಾರಿ, ನೌಕರರಿಂದ ಸಾರ್ವಜನಿಕರಿಗೆ ಕಾನೂನು ಅಥವಾ ಸರ್ಕಾರದ ಕೆಲಸದಲ್ಲಿ ವಿಳಂಬ, ಭ್ರಷ್ಟಾಚಾರ ಅಥವಾ ನಿರ್ಲಕ್ಷ್ಯ ಕುರಿತ ದೂರುಗಳನ್ನು ನಿಗದಿತ ನಮೂನೆಯಲ್ಲಿ ಸಲ್ಲಿಸಬಹುದು ಎಂದು ಪ್ರಕಟಣೆಯಲ್ಲಿ ತಿಳಿಸಲಾಗಿದೆ.
OWNER , PUBLISHER & PRINTER K. M. REKHA PUBLISHED AT HOSPET TIMES, APOORVA OFFSET PRINTERS , SACHIDANAND LANE , MAIN BAZAR , HOSAPETE , BALLARI & PRINTED AT APOORVA OFFSET PRINTERS ,
SACHIDANAND LANE , MAIN BAZAR , HOSAPETE , BALLARI , EDITOR K. M. REKHA. EMAIL : hospettimes@gmail.com, Mob No 94484 41484.
